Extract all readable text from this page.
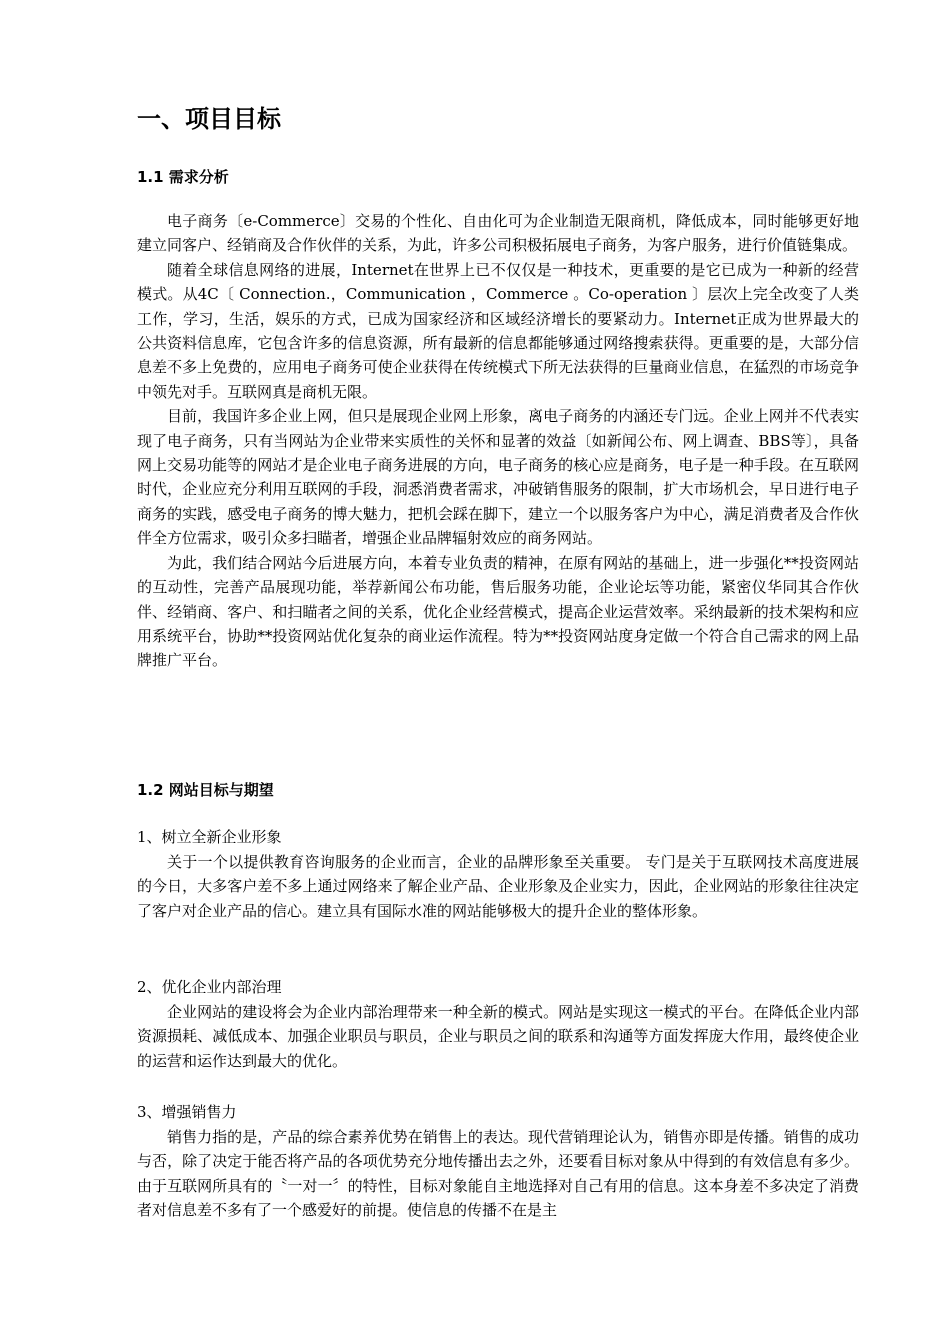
一、项目目标
1.1 需求分析

电子商务〔e-Commerce〕交易的个性化、自由化可为企业制造无限商机，降低成本，同时能够更好地建立同客户、经销商及合作伙伴的关系，为此，许多公司积极拓展电子商务，为客户服务，进行价值链集成。

随着全球信息网络的进展，Internet在世界上已不仅仅是一种技术，更重要的是它已成为一种新的经营模式。从4C〔 Connection.，Communication ，Commerce 。Co-operation 〕层次上完全改变了人类工作，学习，生活，娱乐的方式，已成为国家经济和区域经济增长的要紧动力。Internet正成为世界最大的公共资料信息库，它包含许多的信息资源，所有最新的信息都能够通过网络搜索获得。更重要的是，大部分信息差不多上免费的，应用电子商务可使企业获得在传统模式下所无法获得的巨量商业信息，在猛烈的市场竞争中领先对手。互联网真是商机无限。

目前，我国许多企业上网，但只是展现企业网上形象，离电子商务的内涵还专门远。企业上网并不代表实现了电子商务，只有当网站为企业带来实质性的关怀和显著的效益〔如新闻公布、网上调查、BBS等〕，具备网上交易功能等的网站才是企业电子商务进展的方向，电子商务的核心应是商务，电子是一种手段。在互联网时代，企业应充分利用互联网的手段，洞悉消费者需求，冲破销售服务的限制，扩大市场机会，早日进行电子商务的实践，感受电子商务的博大魅力，把机会踩在脚下，建立一个以服务客户为中心，满足消费者及合作伙伴全方位需求，吸引众多扫瞄者，增强企业品牌辐射效应的商务网站。

为此，我们结合网站今后进展方向，本着专业负责的精神，在原有网站的基础上，进一步强化**投资网站的互动性，完善产品展现功能，举荐新闻公布功能，售后服务功能，企业论坛等功能，紧密仪华同其合作伙伴、经销商、客户、和扫瞄者之间的关系，优化企业经营模式，提高企业运营效率。采纳最新的技术架构和应用系统平台，协助**投资网站优化复杂的商业运作流程。特为**投资网站度身定做一个符合自己需求的网上品牌推广平台。

1.2 网站目标与期望
1、树立全新企业形象

关于一个以提供教育咨询服务的企业而言，企业的品牌形象至关重要。 专门是关于互联网技术高度进展的今日，大多客户差不多上通过网络来了解企业产品、企业形象及企业实力，因此，企业网站的形象往往决定了客户对企业产品的信心。建立具有国际水准的网站能够极大的提升企业的整体形象。

2、优化企业内部治理

企业网站的建设将会为企业内部治理带来一种全新的模式。网站是实现这一模式的平台。在降低企业内部资源损耗、减低成本、加强企业职员与职员，企业与职员之间的联系和沟通等方面发挥庞大作用，最终使企业的运营和运作达到最大的优化。

3、增强销售力

销售力指的是，产品的综合素养优势在销售上的表达。现代营销理论认为，销售亦即是传播。销售的成功与否，除了决定于能否将产品的各项优势充分地传播出去之外，还要看目标对象从中得到的有效信息有多少。由于互联网所具有的〝一对一〞的特性，目标对象能自主地选择对自己有用的信息。这本身差不多决定了消费者对信息差不多有了一个感爱好的前提。使信息的传播不在是主
